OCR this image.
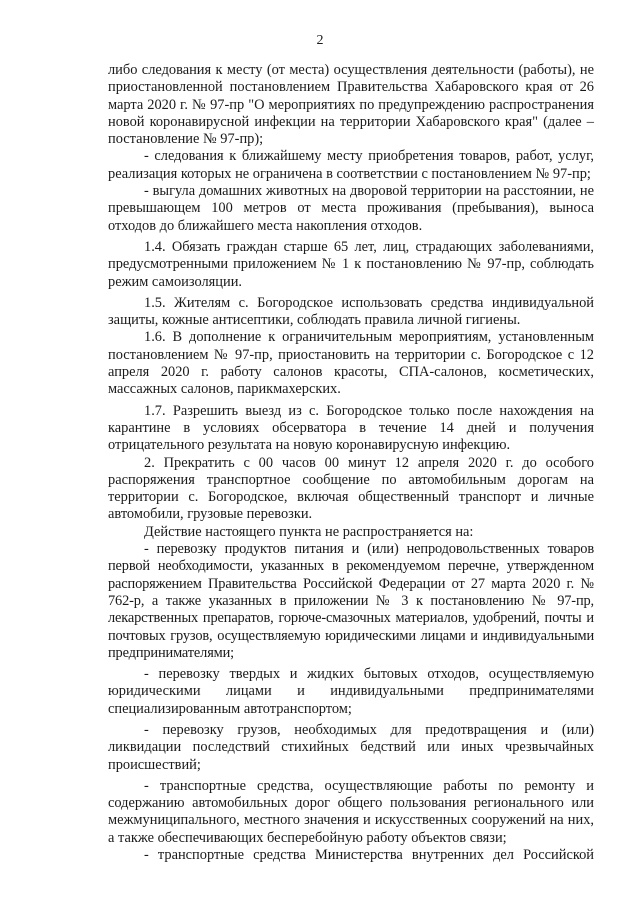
2

либо следования к месту (от места) осуществления деятельности (работы), не приостановленной постановлением Правительства Хабаровского края от 26 марта 2020 г. № 97-пр "О мероприятиях по предупреждению распространения новой коронавирусной инфекции на территории Хабаровского края" (далее – постановление № 97-пр);

- следования к ближайшему месту приобретения товаров, работ, услуг, реализация которых не ограничена в соответствии с постановлением № 97-пр;

- выгула домашних животных на дворовой территории на расстоянии, не превышающем 100 метров от места проживания (пребывания), выноса отходов до ближайшего места накопления отходов.

1.4. Обязать граждан старше 65 лет, лиц, страдающих заболеваниями, предусмотренными приложением № 1 к постановлению № 97-пр, соблюдать режим самоизоляции.

1.5. Жителям с. Богородское использовать средства индивидуальной защиты, кожные антисептики, соблюдать правила личной гигиены.

1.6. В дополнение к ограничительным мероприятиям, установленным постановлением № 97-пр, приостановить на территории с. Богородское с 12 апреля 2020 г. работу салонов красоты, СПА-салонов, косметических, массажных салонов, парикмахерских.

1.7. Разрешить выезд из с. Богородское только после нахождения на карантине в условиях обсерватора в течение 14 дней и получения отрицательного результата на новую коронавирусную инфекцию.

2. Прекратить с 00 часов 00 минут 12 апреля 2020 г. до особого распоряжения транспортное сообщение по автомобильным дорогам на территории с. Богородское, включая общественный транспорт и личные автомобили, грузовые перевозки.

Действие настоящего пункта не распространяется на:

- перевозку продуктов питания и (или) непродовольственных товаров первой необходимости, указанных в рекомендуемом перечне, утвержденном распоряжением Правительства Российской Федерации от 27 марта 2020 г. № 762-р, а также указанных в приложении № 3 к постановлению № 97-пр, лекарственных препаратов, горюче-смазочных материалов, удобрений, почты и почтовых грузов, осуществляемую юридическими лицами и индивидуальными предпринимателями;

- перевозку твердых и жидких бытовых отходов, осуществляемую юридическими лицами и индивидуальными предпринимателями специализированным автотранспортом;

- перевозку грузов, необходимых для предотвращения и (или) ликвидации последствий стихийных бедствий или иных чрезвычайных происшествий;

- транспортные средства, осуществляющие работы по ремонту и содержанию автомобильных дорог общего пользования регионального или межмуниципального, местного значения и искусственных сооружений на них, а также обеспечивающих бесперебойную работу объектов связи;

- транспортные средства Министерства внутренних дел Российской
